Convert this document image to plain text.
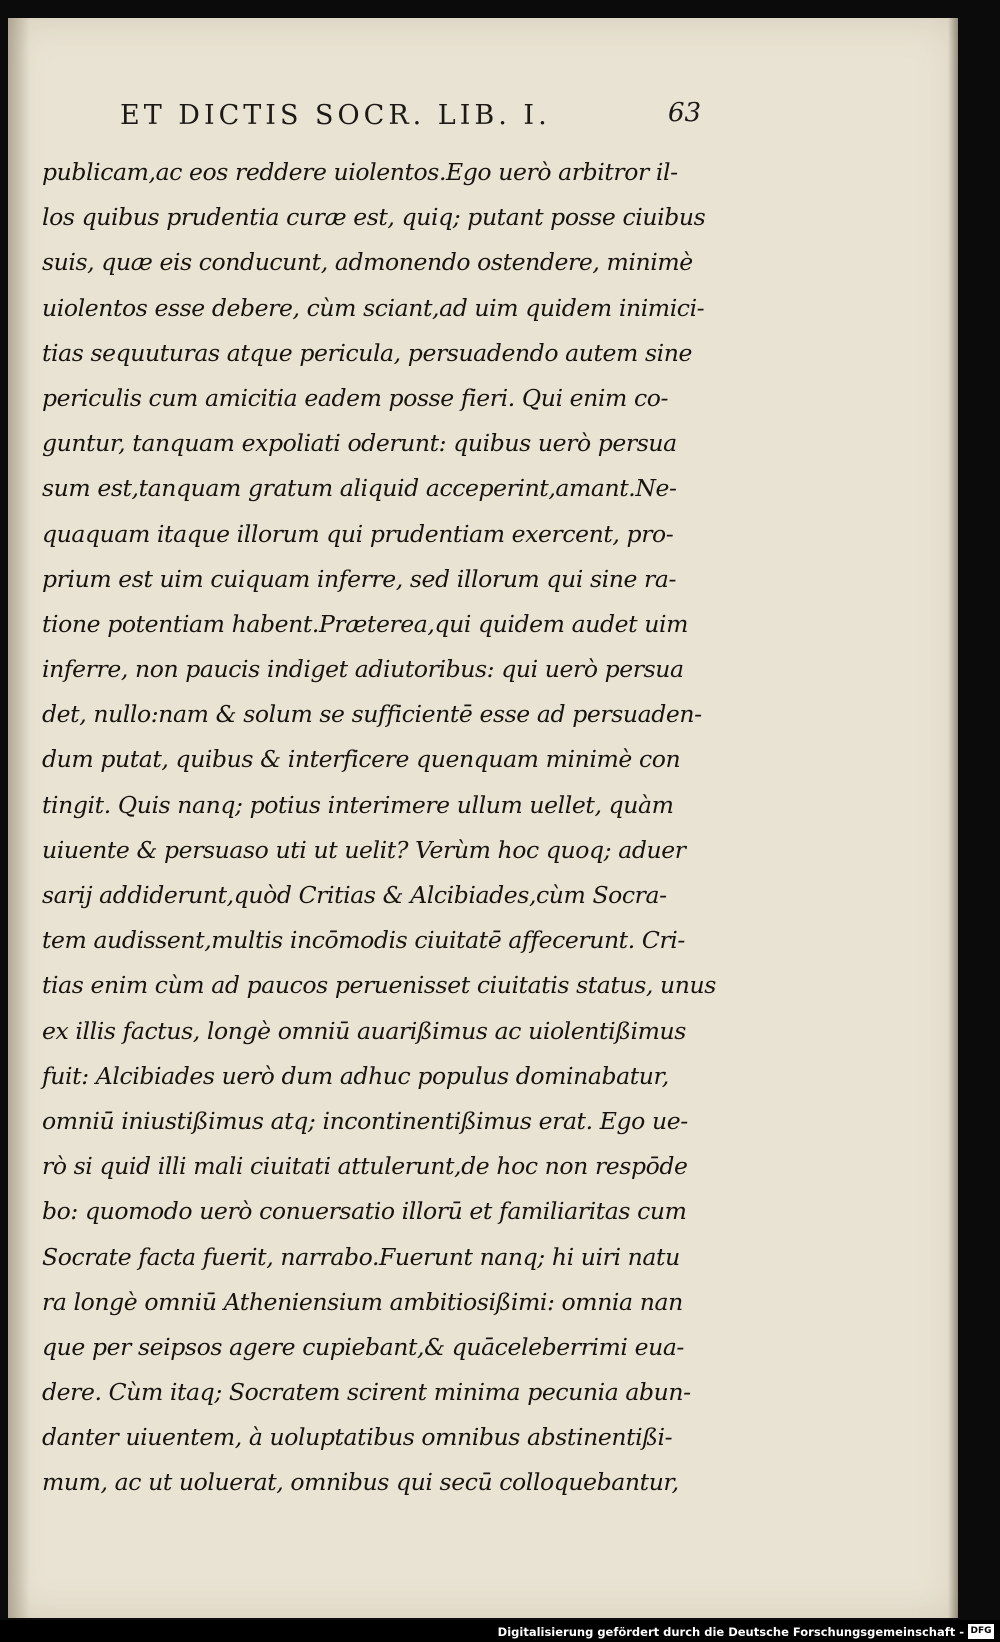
ET DICTIS SOCR. LIB. I.	63
publicam,ac eos reddere uiolentos.Ego uerò arbitror il-
los quibus prudentia curæ est, quiq; putant posse ciuibus
suis, quæ eis conducunt, admonendo ostendere, minimè
uiolentos esse debere, cùm sciant,ad uim quidem inimici-
tias sequuturas atque pericula, persuadendo autem sine
periculis cum amicitia eadem posse fieri. Qui enim co-
guntur, tanquam expoliati oderunt: quibus uerò persua
sum est,tanquam gratum aliquid acceperint,amant.Ne-
quaquam itaque illorum qui prudentiam exercent, pro-
prium est uim cuiquam inferre, sed illorum qui sine ra-
tione potentiam habent.Præterea,qui quidem audet uim
inferre, non paucis indiget adiutoribus: qui uerò persua
det, nullo:nam & solum se sufficientē esse ad persuaden-
dum putat, quibus & interficere quenquam minimè con
tingit. Quis nanq; potius interimere ullum uellet, quàm
uiuente & persuaso uti ut uelit? Verùm hoc quoq; aduer
sarij addiderunt,quòd Critias & Alcibiades,cùm Socra-
tem audissent,multis incōmodis ciuitatē affecerunt. Cri-
tias enim cùm ad paucos peruenisset ciuitatis status, unus
ex illis factus, longè omniū auarißimus ac uiolentißimus
fuit: Alcibiades uerò dum adhuc populus dominabatur,
omniū iniustißimus atq; incontinentißimus erat. Ego ue-
rò si quid illi mali ciuitati attulerunt,de hoc non respōde
bo: quomodo uerò conuersatio illorū et familiaritas cum
Socrate facta fuerit, narrabo.Fuerunt nanq; hi uiri natu
ra longè omniū Atheniensium ambitiosißimi: omnia nan
que per seipsos agere cupiebant,& quāceleberrimi eua-
dere. Cùm itaq; Socratem scirent minima pecunia abun-
danter uiuentem, à uoluptatibus omnibus abstinentißi-
mum, ac ut uoluerat, omnibus qui secū colloquebantur,
Digitalisierung gefördert durch die Deutsche Forschungsgemeinschaft - DFG
